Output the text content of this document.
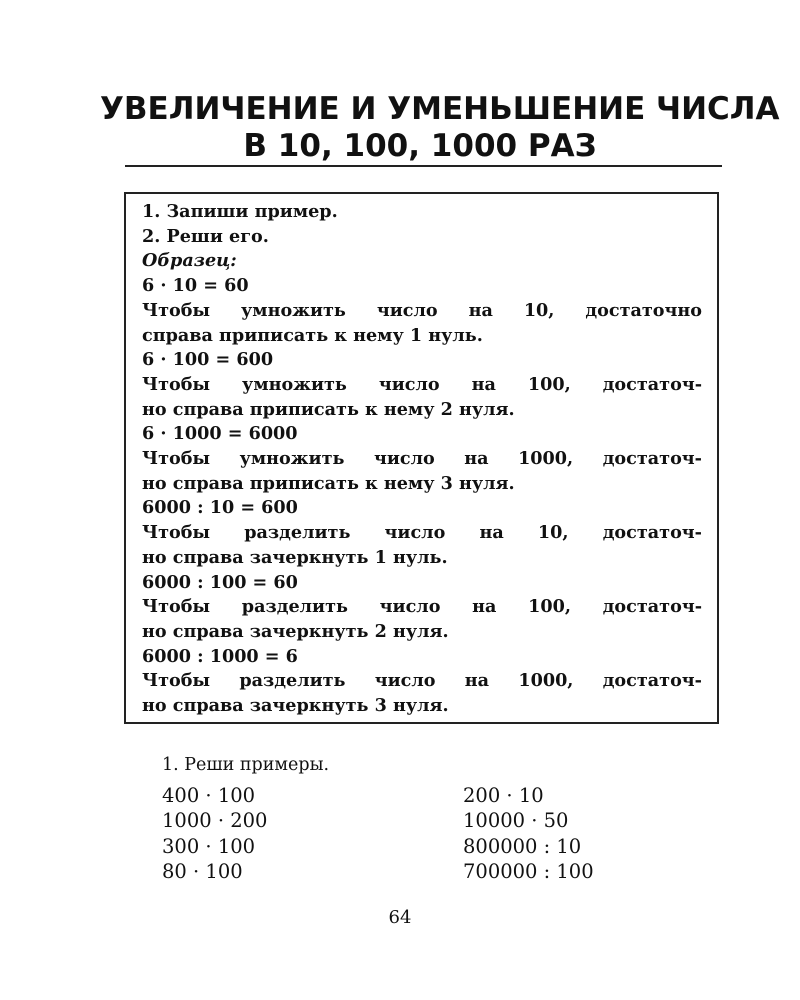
УВЕЛИЧЕНИЕ И УМЕНЬШЕНИЕ ЧИСЛА
В 10, 100, 1000 РАЗ
1. Запиши пример.
2. Реши его.
Образец:
6 · 10 = 60
Чтобы умножить число на 10, достаточно
справа приписать к нему 1 нуль.
6 · 100 = 600
Чтобы умножить число на 100, достаточ-
но справа приписать к нему 2 нуля.
6 · 1000 = 6000
Чтобы умножить число на 1000, достаточ-
но справа приписать к нему 3 нуля.
6000 : 10 = 600
Чтобы разделить число на 10, достаточ-
но справа зачеркнуть 1 нуль.
6000 : 100 = 60
Чтобы разделить число на 100, достаточ-
но справа зачеркнуть 2 нуля.
6000 : 1000 = 6
Чтобы разделить число на 1000, достаточ-
но справа зачеркнуть 3 нуля.
1. Реши примеры.
400 · 100
1000 · 200
300 · 100
80 · 100
200 · 10
10000 · 50
800000 : 10
700000 : 100
64
